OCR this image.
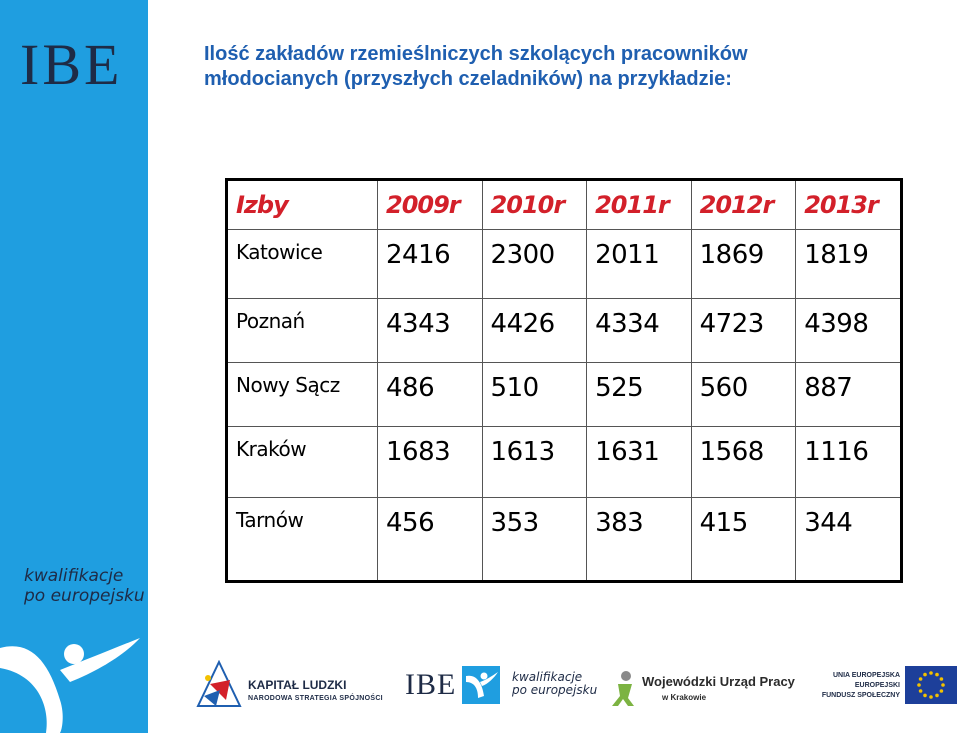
IBE
kwalifikacje
po europejsku
Ilość zakładów rzemieślniczych szkolących pracowników
młodocianych (przyszłych czeladników) na przykładzie:
Izby	2009r	2010r	2011r	2012r	2013r
Katowice	2416	2300	2011	1869	1819
Poznań	4343	4426	4334	4723	4398
Nowy Sącz	486	510	525	560	887
Kraków	1683	1613	1631	1568	1116
Tarnów	456	353	383	415	344
KAPITAŁ LUDZKI
NARODOWA STRATEGIA SPÓJNOŚCI IBE	kwalifikacje
po europejsku
Wojewódzki Urząd Pracy
w Krakowie
UNIA EUROPEJSKA
EUROPEJSKI
FUNDUSZ SPOŁECZNY
